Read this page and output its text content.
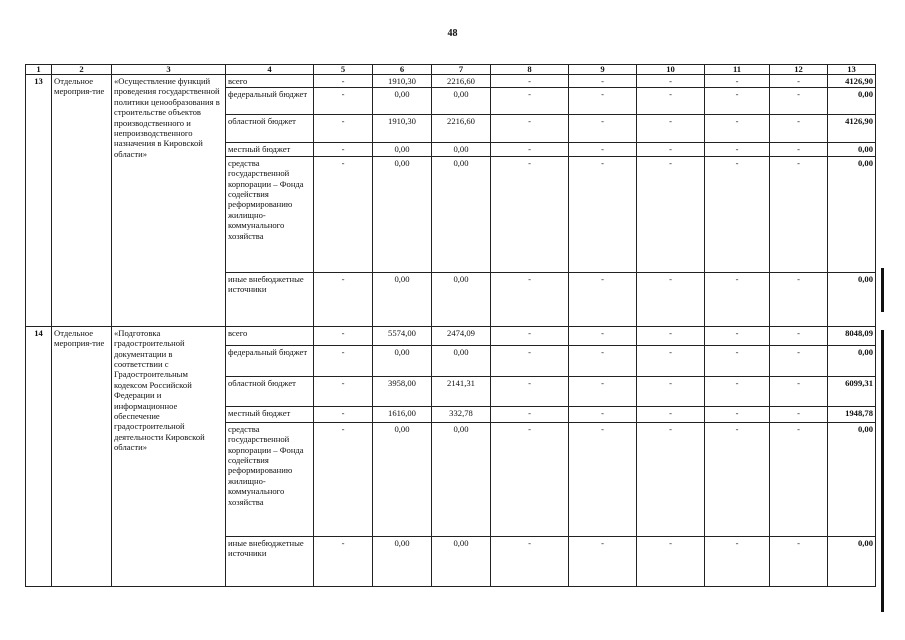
48
1	2	3	4	5	6	7	8	9	10	11	12	13
13	Отдельное мероприя-тие	«Осуществление функций проведения государственной политики ценообразования в строительстве объектов производственного и непроизводственного назначения в Кировской области»	всего	-	1910,30	2216,60	-	-	-	-	-	4126,90
			федеральный бюджет	-	0,00	0,00	-	-	-	-	-	0,00
			областной бюджет	-	1910,30	2216,60	-	-	-	-	-	4126,90
			местный бюджет	-	0,00	0,00	-	-	-	-	-	0,00
			средства государственной корпорации – Фонда содействия реформированию жилищно-коммунального хозяйства	-	0,00	0,00	-	-	-	-	-	0,00
			иные внебюджетные источники	-	0,00	0,00	-	-	-	-	-	0,00
14	Отдельное мероприя-тие	«Подготовка градостроительной документации в соответствии с Градостроительным кодексом Российской Федерации и информационное обеспечение градостроительной деятельности Кировской области»	всего	-	5574,00	2474,09	-	-	-	-	-	8048,09
			федеральный бюджет	-	0,00	0,00	-	-	-	-	-	0,00
			областной бюджет	-	3958,00	2141,31	-	-	-	-	-	6099,31
			местный бюджет	-	1616,00	332,78	-	-	-	-	-	1948,78
			средства государственной корпорации – Фонда содействия реформированию жилищно-коммунального хозяйства	-	0,00	0,00	-	-	-	-	-	0,00
			иные внебюджетные источники	-	0,00	0,00	-	-	-	-	-	0,00
